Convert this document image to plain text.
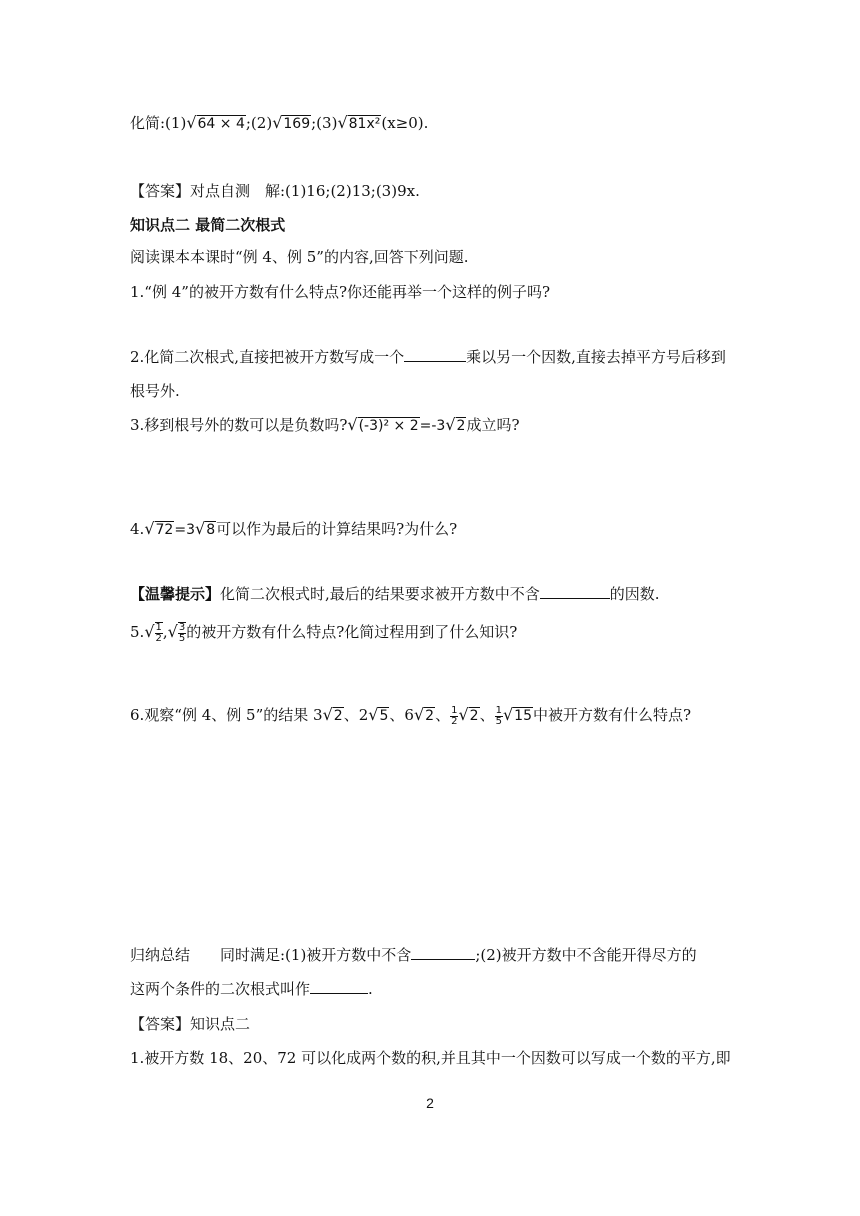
化简:(1)√64 × 4;(2)√169;(3)√81x²(x≥0).
【答案】对点自测　解:(1)16;(2)13;(3)9x.
知识点二 最简二次根式
阅读课本本课时“例 4、例 5”的内容,回答下列问题.
1.“例 4”的被开方数有什么特点?你还能再举一个这样的例子吗?
2.化简二次根式,直接把被开方数写成一个	乘以另一个因数,直接去掉平方号后移到
根号外.
3.移到根号外的数可以是负数吗?√(-3)² × 2=-3√2成立吗?
4.√72=3√8可以作为最后的计算结果吗?为什么?
【温馨提示】化简二次根式时,最后的结果要求被开方数中不含	的因数.
$5.√ \frac{1}{2}$ ,√ $\frac{3}{5}$ 的被开方数有什么特点?化简过程用到了什么知识?
6.观察“例 4、例 5”的结果 3√2、2√5、6√2、 $\frac{1}{2} √2$、 $\frac{1}{5} √15$中被开方数有什么特点?
归纳总结　　同时满足:(1)被开方数中不含	;(2)被开方数中不含能开得尽方的
这两个条件的二次根式叫作	.
【答案】知识点二
1.被开方数 18、20、72 可以化成两个数的积,并且其中一个因数可以写成一个数的平方,即
2
